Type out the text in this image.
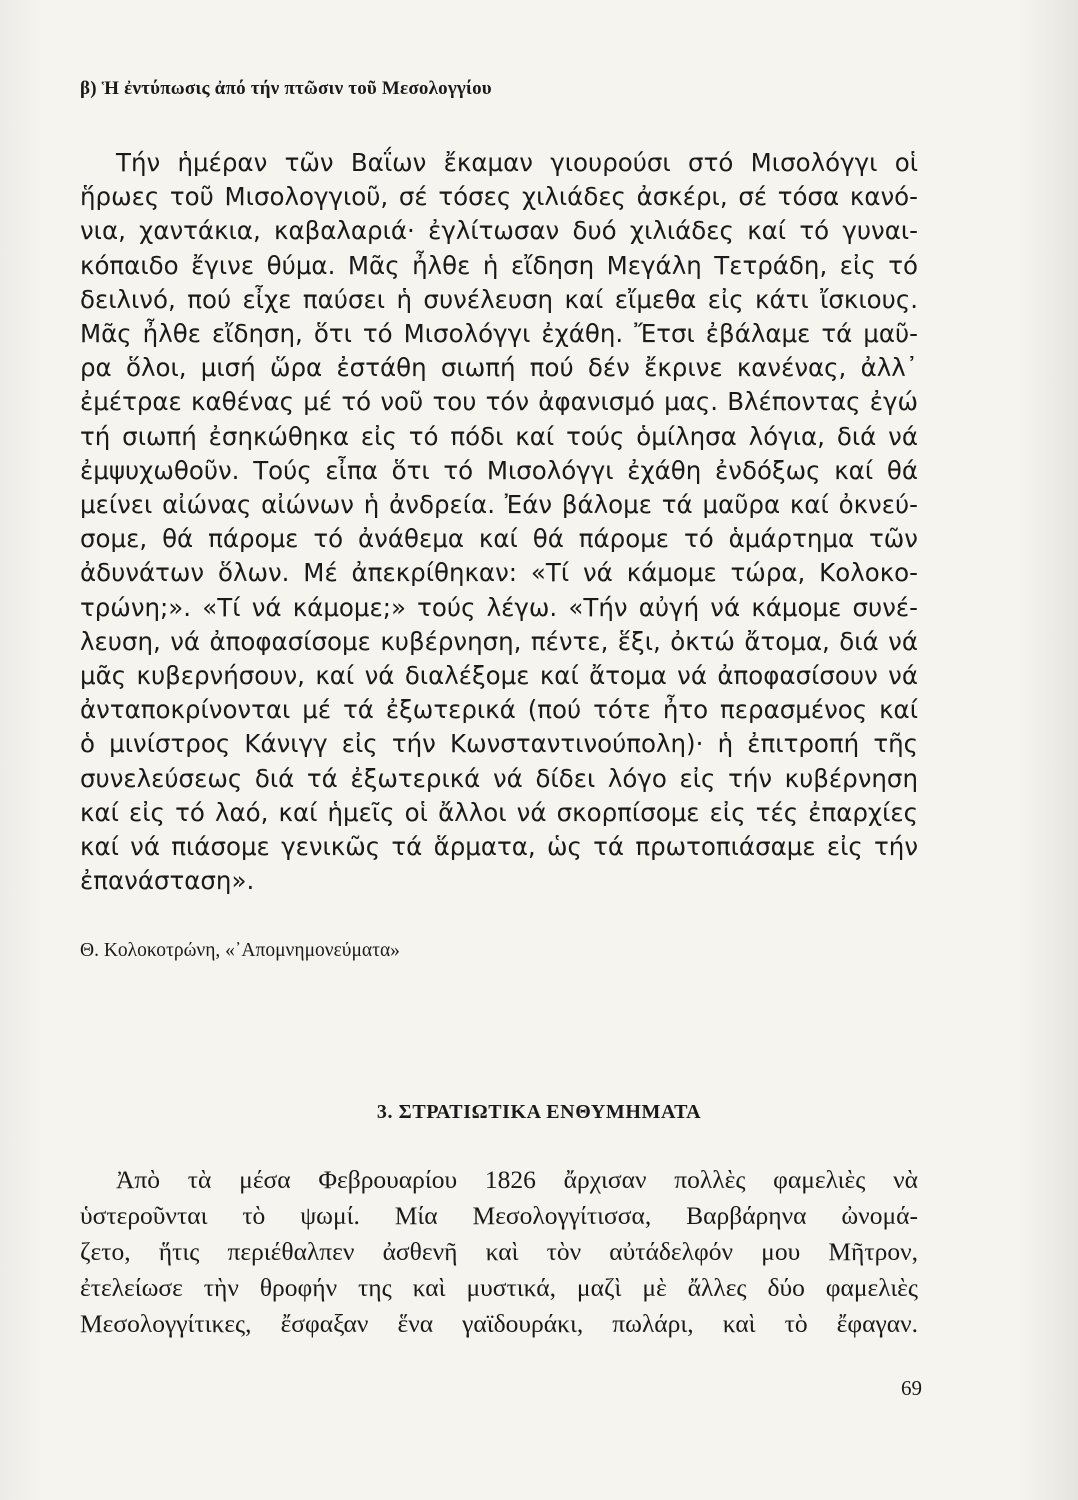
β) Ἡ ἐντύπωσις ἀπό τήν πτῶσιν τοῦ Μεσολογγίου
Τήν ἡμέραν τῶν Βαΐων ἔκαμαν γιουρούσι στό Μισολόγγι οἱ
ἥρωες τοῦ Μισολογγιοῦ, σέ τόσες χιλιάδες ἀσκέρι, σέ τόσα κανό-
νια, χαντάκια, καβαλαριά· ἐγλίτωσαν δυό χιλιάδες καί τό γυναι-
κόπαιδο ἔγινε θύμα. Μᾶς ἦλθε ἡ εἴδηση Μεγάλη Τετράδη, εἰς τό
δειλινό, πού εἶχε παύσει ἡ συνέλευση καί εἴμεθα εἰς κάτι ἴσκιους.
Μᾶς ἦλθε εἴδηση, ὅτι τό Μισολόγγι ἐχάθη. Ἔτσι ἐβάλαμε τά μαῦ-
ρα ὅλοι, μισή ὥρα ἐστάθη σιωπή πού δέν ἔκρινε κανένας, ἀλλ᾽
ἐμέτραε καθένας μέ τό νοῦ του τόν ἀφανισμό μας. Βλέποντας ἐγώ
τή σιωπή ἐσηκώθηκα εἰς τό πόδι καί τούς ὁμίλησα λόγια, διά νά
ἐμψυχωθοῦν. Τούς εἶπα ὅτι τό Μισολόγγι ἐχάθη ἐνδόξως καί θά
μείνει αἰώνας αἰώνων ἡ ἀνδρεία. Ἐάν βάλομε τά μαῦρα καί ὀκνεύ-
σομε, θά πάρομε τό ἀνάθεμα καί θά πάρομε τό ἁμάρτημα τῶν
ἀδυνάτων ὅλων. Μέ ἀπεκρίθηκαν: «Τί νά κάμομε τώρα, Κολοκο-
τρώνη;». «Τί νά κάμομε;» τούς λέγω. «Τήν αὐγή νά κάμομε συνέ-
λευση, νά ἀποφασίσομε κυβέρνηση, πέντε, ἕξι, ὀκτώ ἄτομα, διά νά
μᾶς κυβερνήσουν, καί νά διαλέξομε καί ἄτομα νά ἀποφασίσουν νά
ἀνταποκρίνονται μέ τά ἐξωτερικά (πού τότε ἦτο περασμένος καί
ὁ μινίστρος Κάνιγγ εἰς τήν Κωνσταντινούπολη)· ἡ ἐπιτροπή τῆς
συνελεύσεως διά τά ἐξωτερικά νά δίδει λόγο εἰς τήν κυβέρνηση
καί εἰς τό λαό, καί ἡμεῖς οἱ ἄλλοι νά σκορπίσομε εἰς τές ἐπαρχίες
καί νά πιάσομε γενικῶς τά ἅρματα, ὡς τά πρωτοπιάσαμε εἰς τήν
ἐπανάσταση».
Θ. Κολοκοτρώνη, «᾽Απομνημονεύματα»
3. ΣΤΡΑΤΙΩΤΙΚΑ ΕΝΘΥΜΗΜΑΤΑ
Ἀπὸ τὰ μέσα Φεβρουαρίου 1826 ἄρχισαν πολλὲς φαμελιὲς νὰ
ὑστεροῦνται τὸ ψωμί. Μία Μεσολογγίτισσα, Βαρβάρηνα ὠνομά-
ζετο, ἥτις περιέθαλπεν ἀσθενῆ καὶ τὸν αὐτάδελφόν μου Μῆτρον,
ἐτελείωσε τὴν θροφήν της καὶ μυστικά, μαζὶ μὲ ἄλλες δύο φαμελιὲς
Μεσολογγίτικες, ἔσφαξαν ἕνα γαϊδουράκι, πωλάρι, καὶ τὸ ἔφαγαν.
69
